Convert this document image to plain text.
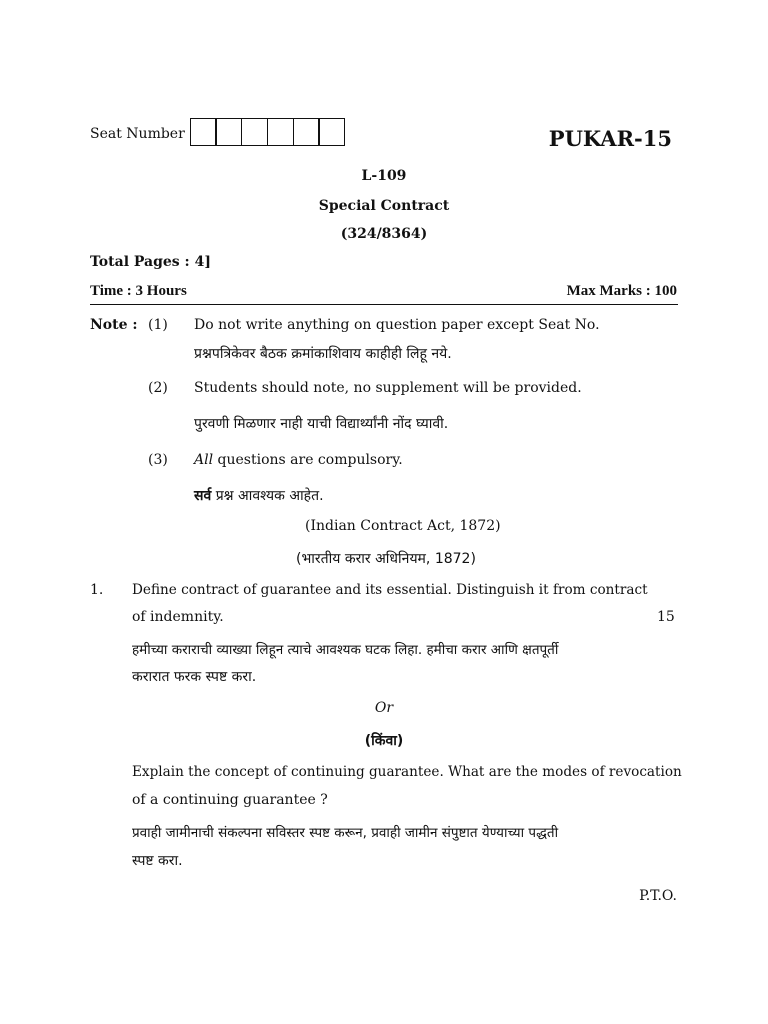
Seat Number	PUKAR-15
L-109
Special Contract
(324/8364)
Total Pages : 4]
Time : 3 Hours	Max Marks : 100
Note : (1) Do not write anything on question paper except Seat No.
प्रश्नपत्रिकेवर बैठक क्रमांकाशिवाय काहीही लिहू नये.
(2) Students should note, no supplement will be provided.
पुरवणी मिळणार नाही याची विद्यार्थ्यांनी नोंद घ्यावी.
(3) All questions are compulsory.
सर्व प्रश्न आवश्यक आहेत.
(Indian Contract Act, 1872)
(भारतीय करार अधिनियम, 1872)
1. Define contract of guarantee and its essential. Distinguish it from contract
of indemnity.	15
हमीच्या कराराची व्याख्या लिहून त्याचे आवश्यक घटक लिहा. हमीचा करार आणि क्षतपूर्ती
करारात फरक स्पष्ट करा.
Or
(किंवा)
Explain the concept of continuing guarantee. What are the modes of revocation
of a continuing guarantee ?
प्रवाही जामीनाची संकल्पना सविस्तर स्पष्ट करून, प्रवाही जामीन संपुष्टात येण्याच्या पद्धती
स्पष्ट करा.
P.T.O.
